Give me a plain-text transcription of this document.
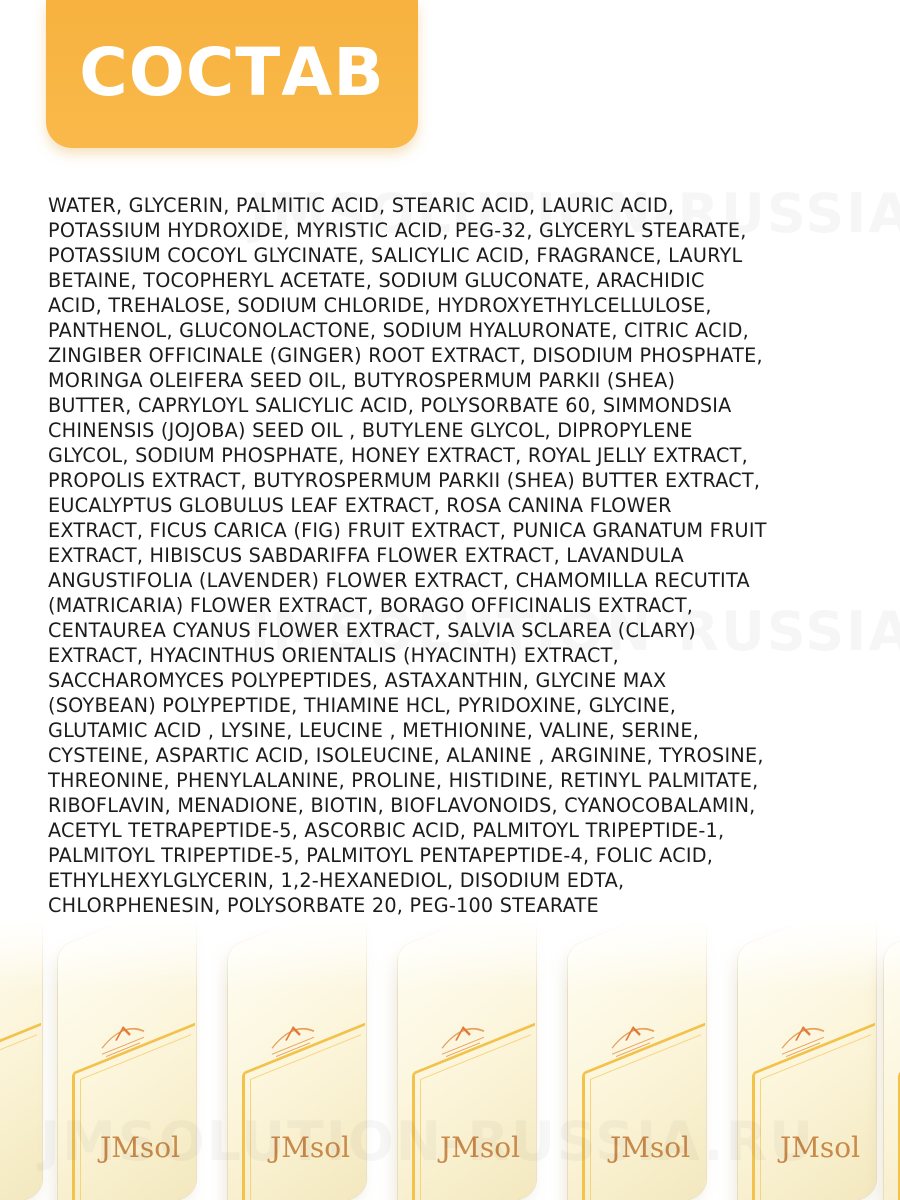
СОСТАВ

WATER, GLYCERIN, PALMITIC ACID, STEARIC ACID, LAURIC ACID,
POTASSIUM HYDROXIDE, MYRISTIC ACID, PEG-32, GLYCERYL STEARATE,
POTASSIUM COCOYL GLYCINATE, SALICYLIC ACID, FRAGRANCE, LAURYL
BETAINE, TOCOPHERYL ACETATE, SODIUM GLUCONATE, ARACHIDIC
ACID, TREHALOSE, SODIUM CHLORIDE, HYDROXYETHYLCELLULOSE,
PANTHENOL, GLUCONOLACTONE, SODIUM HYALURONATE, CITRIC ACID,
ZINGIBER OFFICINALE (GINGER) ROOT EXTRACT, DISODIUM PHOSPHATE,
MORINGA OLEIFERA SEED OIL, BUTYROSPERMUM PARKII (SHEA)
BUTTER, CAPRYLOYL SALICYLIC ACID, POLYSORBATE 60, SIMMONDSIA
CHINENSIS (JOJOBA) SEED OIL , BUTYLENE GLYCOL, DIPROPYLENE
GLYCOL, SODIUM PHOSPHATE, HONEY EXTRACT, ROYAL JELLY EXTRACT,
PROPOLIS EXTRACT, BUTYROSPERMUM PARKII (SHEA) BUTTER EXTRACT,
EUCALYPTUS GLOBULUS LEAF EXTRACT, ROSA CANINA FLOWER
EXTRACT, FICUS CARICA (FIG) FRUIT EXTRACT, PUNICA GRANATUM FRUIT
EXTRACT, HIBISCUS SABDARIFFA FLOWER EXTRACT, LAVANDULA
ANGUSTIFOLIA (LAVENDER) FLOWER EXTRACT, CHAMOMILLA RECUTITA
(MATRICARIA) FLOWER EXTRACT, BORAGO OFFICINALIS EXTRACT,
CENTAUREA CYANUS FLOWER EXTRACT, SALVIA SCLAREA (CLARY)
EXTRACT, HYACINTHUS ORIENTALIS (HYACINTH) EXTRACT,
SACCHAROMYCES POLYPEPTIDES, ASTAXANTHIN, GLYCINE MAX
(SOYBEAN) POLYPEPTIDE, THIAMINE HCL, PYRIDOXINE, GLYCINE,
GLUTAMIC ACID , LYSINE, LEUCINE , METHIONINE, VALINE, SERINE,
CYSTEINE, ASPARTIC ACID, ISOLEUCINE, ALANINE , ARGININE, TYROSINE,
THREONINE, PHENYLALANINE, PROLINE, HISTIDINE, RETINYL PALMITATE,
RIBOFLAVIN, MENADIONE, BIOTIN, BIOFLAVONOIDS, CYANOCOBALAMIN,
ACETYL TETRAPEPTIDE-5, ASCORBIC ACID, PALMITOYL TRIPEPTIDE-1,
PALMITOYL TRIPEPTIDE-5, PALMITOYL PENTAPEPTIDE-4, FOLIC ACID,
ETHYLHEXYLGLYCERIN, 1,2-HEXANEDIOL, DISODIUM EDTA,
CHLORPHENESIN, POLYSORBATE 20, PEG-100 STEARATE

JMsol	JMsol	JMsol	JMsol	JMsol
